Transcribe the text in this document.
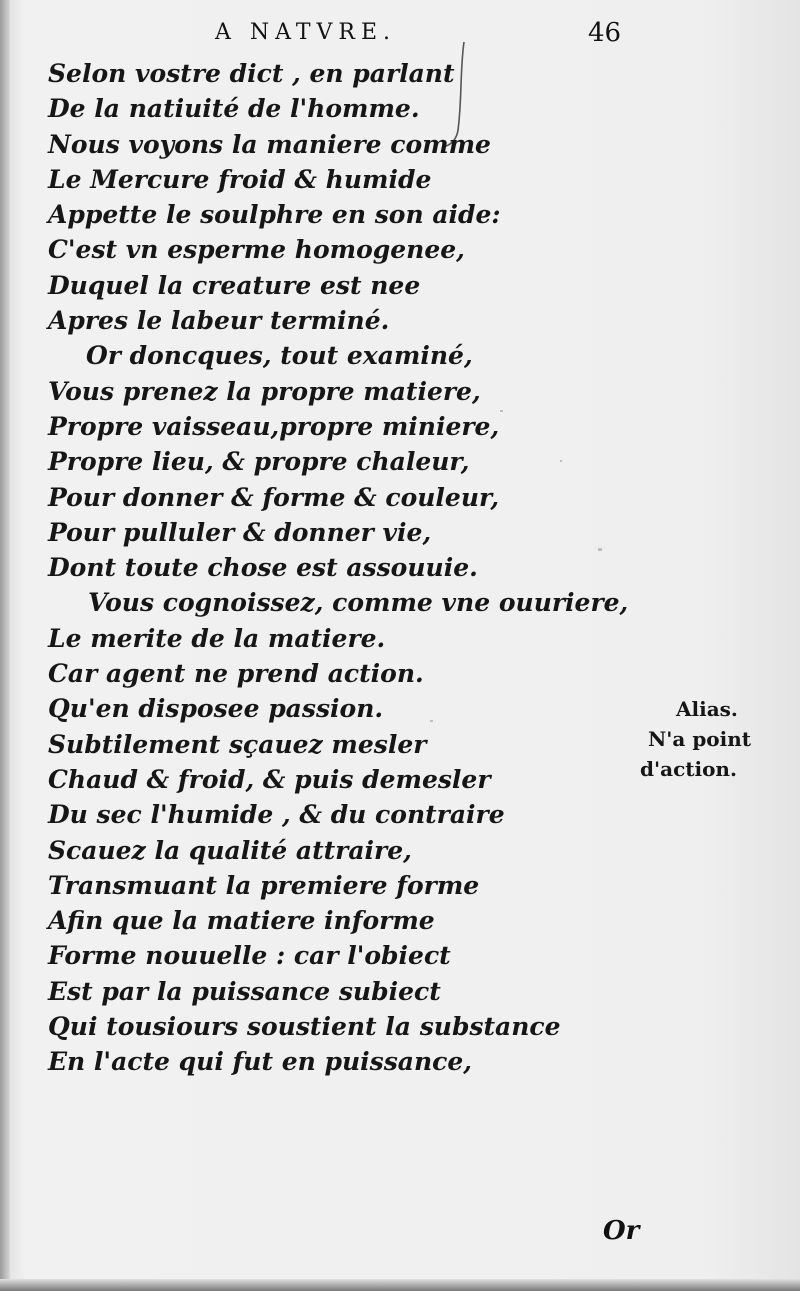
A NATVRE.	46
Selon vostre dict , en parlant
De la natiuité de l'homme.
Nous voyons la maniere comme
Le Mercure froid & humide
Appette le soulphre en son aide:
C'est vn esperme homogenee,
Duquel la creature est nee
Apres le labeur terminé.
Or doncques, tout examiné,
Vous prenez la propre matiere,
Propre vaisseau,propre miniere,
Propre lieu, & propre chaleur,
Pour donner & forme & couleur,
Pour pulluler & donner vie,
Dont toute chose est assouuie.
Vous cognoissez, comme vne ouuriere,
Le merite de la matiere.
Car agent ne prend action.
Qu'en disposee passion.
Subtilement sçauez mesler
Chaud & froid, & puis demesler
Du sec l'humide , & du contraire
Scauez la qualité attraire,
Transmuant la premiere forme
Afin que la matiere informe
Forme nouuelle : car l'obiect
Est par la puissance subiect
Qui tousiours soustient la substance
En l'acte qui fut en puissance,
Alias.
N'a point
d'action.
Or
